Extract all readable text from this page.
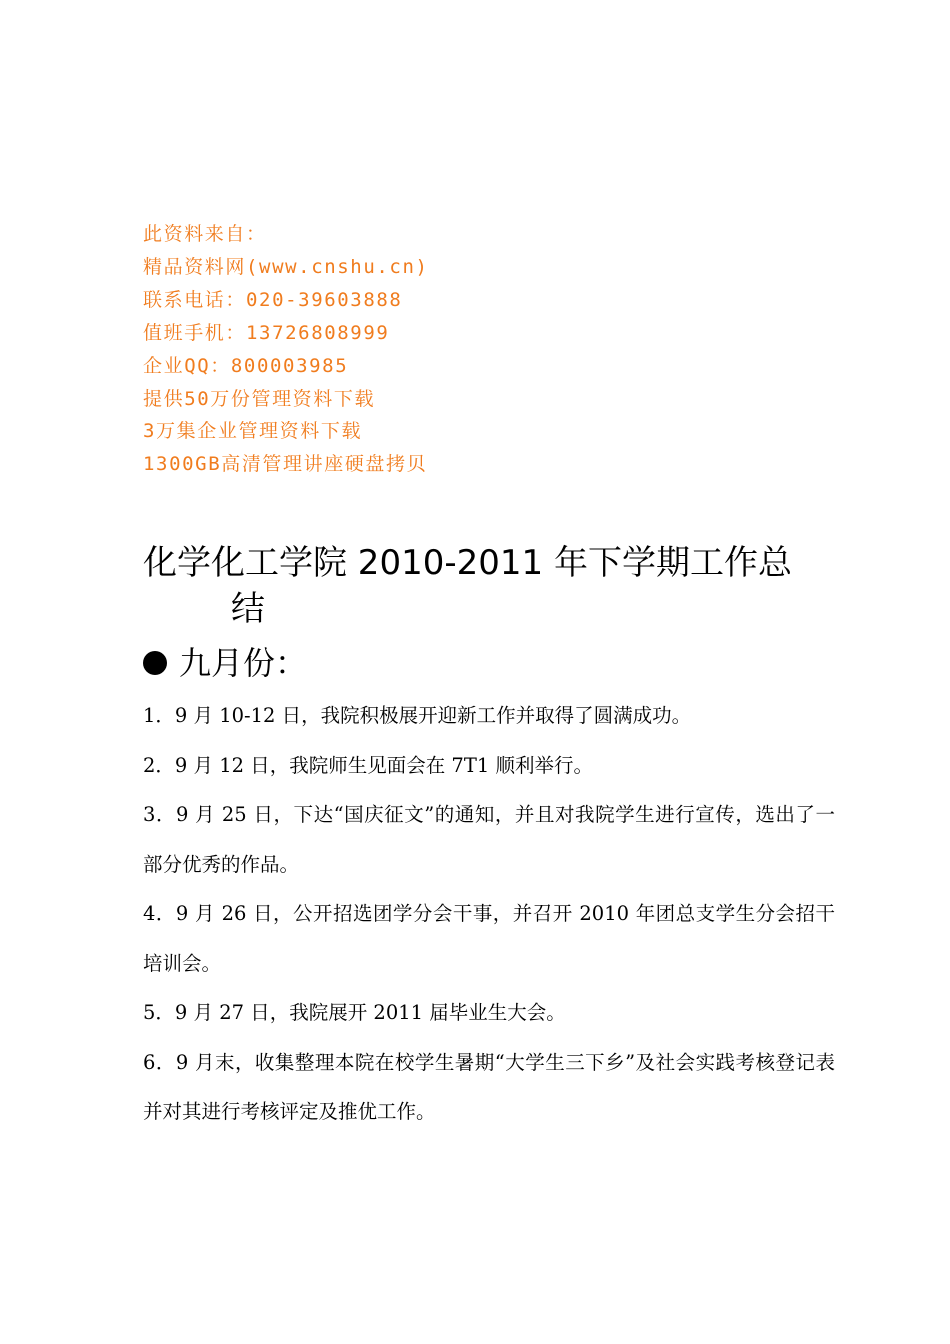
此资料来自：
精品资料网(www.cnshu.cn)
联系电话：020-39603888
值班手机：13726808999
企业QQ：800003985
提供50万份管理资料下载
3万集企业管理资料下载
1300GB高清管理讲座硬盘拷贝
化学化工学院 2010-2011 年下学期工作总
结
九月份：

1．9 月 10-12 日，我院积极展开迎新工作并取得了圆满成功。

2．9 月 12 日，我院师生见面会在 7T1 顺利举行。

3．9 月 25 日，下达“国庆征文”的通知，并且对我院学生进行宣传，选出了一部分优秀的作品。

4．9 月 26 日，公开招选团学分会干事，并召开 2010 年团总支学生分会招干培训会。

5．9 月 27 日，我院展开 2011 届毕业生大会。

6．9 月末，收集整理本院在校学生暑期“大学生三下乡”及社会实践考核登记表并对其进行考核评定及推优工作。
